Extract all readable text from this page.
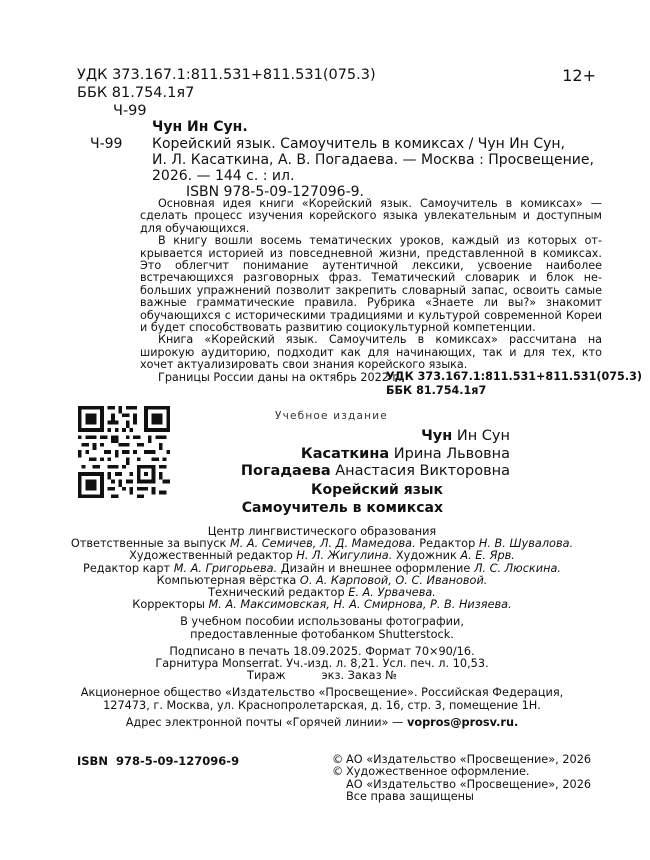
УДК 373.167.1:811.531+811.531(075.3)
ББК 81.754.1я7
Ч-99
12+
Чун Ин Сун.
Ч-99 Корейский язык. Самоучитель в комиксах / Чун Ин Сун,
И. Л. Касаткина, А. В. Погадаева. — Москва : Просвещение,
2026. — 144 с. : ил.
ISBN 978-5-09-127096-9.

Основная идея книги «Корейский язык. Самоучитель в комиксах» — сделать процесс изучения корейского языка увлекательным и доступным для обучающихся.

В книгу вошли восемь тематических уроков, каждый из которых открывается историей из повседневной жизни, представленной в комиксах. Это облегчит понимание аутентичной лексики, усвоение наиболее встречающихся разговорных фраз. Тематический словарик и блок небольших упражнений позволит закрепить словарный запас, освоить самые важные грамматические правила. Рубрика «Знаете ли вы?» знакомит обучающихся с историческими традициями и культурой современной Кореи и будет способствовать развитию социокультурной компетенции.

Книга «Корейский язык. Самоучитель в комиксах» рассчитана на широкую аудиторию, подходит как для начинающих, так и для тех, кто хочет актуализировать свои знания корейского языка.

Границы России даны на октябрь 2022 г.

УДК 373.167.1:811.531+811.531(075.3)
ББК 81.754.1я7
Учебное издание
Чун Ин Сун
Касаткина Ирина Львовна
Погадаева Анастасия Викторовна
Корейский язык
Самоучитель в комиксах
Центр лингвистического образования
Ответственные за выпуск М. А. Семичев, Л. Д. Мамедова. Редактор Н. В. Шувалова.
Художественный редактор Н. Л. Жигулина. Художник А. Е. Ярв.
Редактор карт М. А. Григорьева. Дизайн и внешнее оформление Л. С. Люскина.
Компьютерная вёрстка О. А. Карповой, О. С. Ивановой.
Технический редактор Е. А. Урвачева.
Корректоры М. А. Максимовская, Н. А. Смирнова, Р. В. Низяева.
В учебном пособии использованы фотографии,
предоставленные фотобанком Shutterstock.
Подписано в печать 18.09.2025. Формат 70×90/16.
Гарнитура Monserrat. Уч.-изд. л. 8,21. Усл. печ. л. 10,53.
Тираж          экз. Заказ №
Акционерное общество «Издательство «Просвещение». Российская Федерация,
127473, г. Москва, ул. Краснопролетарская, д. 16, стр. 3, помещение 1Н.
Адрес электронной почты «Горячей линии» — vopros@prosv.ru.
ISBN  978-5-09-127096-9	© АО «Издательство «Просвещение», 2026
© Художественное оформление.
АО «Издательство «Просвещение», 2026
Все права защищены
